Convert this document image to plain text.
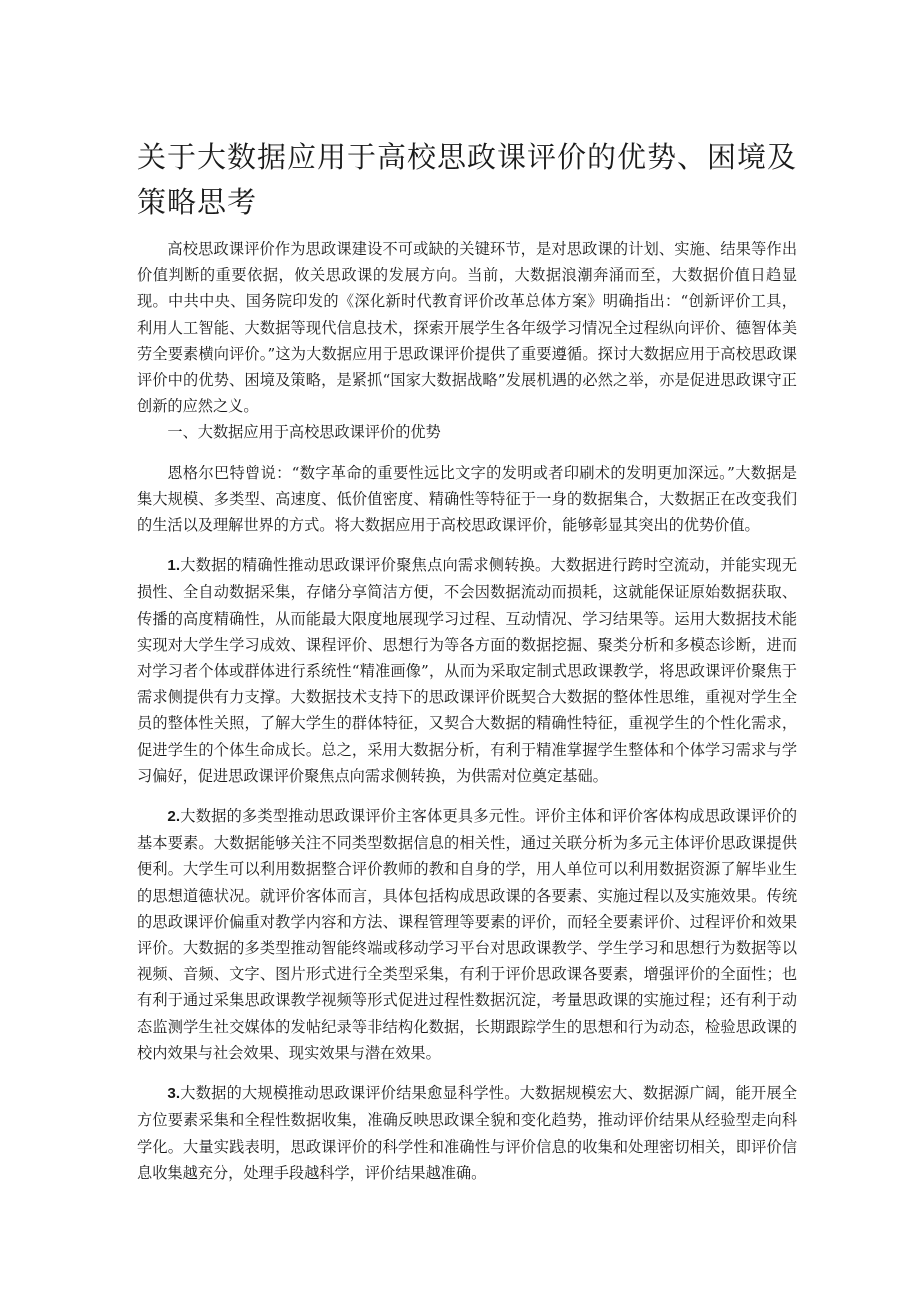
关于大数据应用于高校思政课评价的优势、困境及策略思考

高校思政课评价作为思政课建设不可或缺的关键环节，是对思政课的计划、实施、结果等作出价值判断的重要依据，攸关思政课的发展方向。当前，大数据浪潮奔涌而至，大数据价值日趋显现。中共中央、国务院印发的《深化新时代教育评价改革总体方案》明确指出：“创新评价工具，利用人工智能、大数据等现代信息技术，探索开展学生各年级学习情况全过程纵向评价、德智体美劳全要素横向评价。”这为大数据应用于思政课评价提供了重要遵循。探讨大数据应用于高校思政课评价中的优势、困境及策略，是紧抓“国家大数据战略”发展机遇的必然之举，亦是促进思政课守正创新的应然之义。

一、大数据应用于高校思政课评价的优势

恩格尔巴特曾说：“数字革命的重要性远比文字的发明或者印刷术的发明更加深远。”大数据是集大规模、多类型、高速度、低价值密度、精确性等特征于一身的数据集合，大数据正在改变我们的生活以及理解世界的方式。将大数据应用于高校思政课评价，能够彰显其突出的优势价值。

1.大数据的精确性推动思政课评价聚焦点向需求侧转换。大数据进行跨时空流动，并能实现无损性、全自动数据采集，存储分享简洁方便，不会因数据流动而损耗，这就能保证原始数据获取、传播的高度精确性，从而能最大限度地展现学习过程、互动情况、学习结果等。运用大数据技术能实现对大学生学习成效、课程评价、思想行为等各方面的数据挖掘、聚类分析和多模态诊断，进而对学习者个体或群体进行系统性“精准画像”，从而为采取定制式思政课教学，将思政课评价聚焦于需求侧提供有力支撑。大数据技术支持下的思政课评价既契合大数据的整体性思维，重视对学生全员的整体性关照，了解大学生的群体特征，又契合大数据的精确性特征，重视学生的个性化需求，促进学生的个体生命成长。总之，采用大数据分析，有利于精准掌握学生整体和个体学习需求与学习偏好，促进思政课评价聚焦点向需求侧转换，为供需对位奠定基础。

2.大数据的多类型推动思政课评价主客体更具多元性。评价主体和评价客体构成思政课评价的基本要素。大数据能够关注不同类型数据信息的相关性，通过关联分析为多元主体评价思政课提供便利。大学生可以利用数据整合评价教师的教和自身的学，用人单位可以利用数据资源了解毕业生的思想道德状况。就评价客体而言，具体包括构成思政课的各要素、实施过程以及实施效果。传统的思政课评价偏重对教学内容和方法、课程管理等要素的评价，而轻全要素评价、过程评价和效果评价。大数据的多类型推动智能终端或移动学习平台对思政课教学、学生学习和思想行为数据等以视频、音频、文字、图片形式进行全类型采集，有利于评价思政课各要素，增强评价的全面性；也有利于通过采集思政课教学视频等形式促进过程性数据沉淀，考量思政课的实施过程；还有利于动态监测学生社交媒体的发帖纪录等非结构化数据，长期跟踪学生的思想和行为动态，检验思政课的校内效果与社会效果、现实效果与潜在效果。

3.大数据的大规模推动思政课评价结果愈显科学性。大数据规模宏大、数据源广阔，能开展全方位要素采集和全程性数据收集，准确反映思政课全貌和变化趋势，推动评价结果从经验型走向科学化。大量实践表明，思政课评价的科学性和准确性与评价信息的收集和处理密切相关，即评价信息收集越充分，处理手段越科学，评价结果越准确。
